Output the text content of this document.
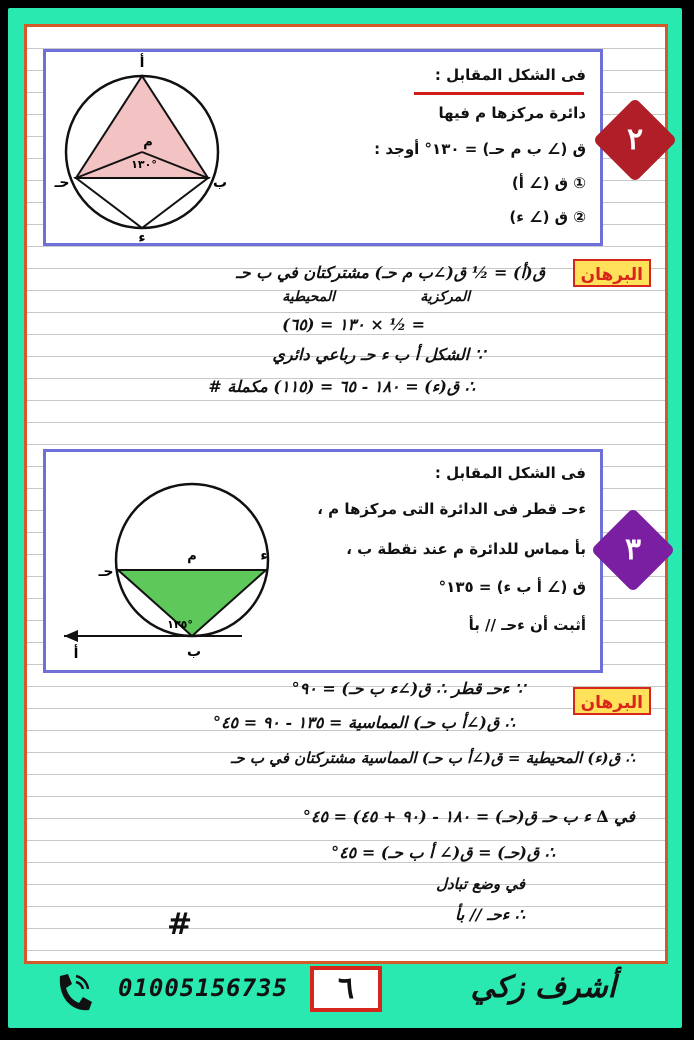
أ
حـ	ب
ء
م
١٣٠°
فى الشكل المقابل :
دائرة مركزها م فيها
ق (∠ ب م حـ) = ١٣٠° أوجد :
① ق (∠ أ)
② ق (∠ ء)
البرهان
ق(أ) = ½ ق(∠ب م حـ) مشتركتان في ب حـ
المحيطية	المركزية
= ½ × ١٣٠ = (٦٥)
∵ الشكل أ ب ء حـ رباعي دائري
∴ ق(ء) = ١٨٠ - ٦٥ = (١١٥) مكملة #
حـ
ء
م
ب
أ
١٣٥°
فى الشكل المقابل :
ءحـ قطر فى الدائرة التى مركزها م ،
بأ مماس للدائرة م عند نقطة ب ،
ق (∠ أ ب ء) = ١٣٥°
أثبت أن ءحـ // بأ
البرهان
∵ ءحـ قطر ∴ ق(∠ء ب حـ) = ٩٠°
∴ ق(∠أ ب حـ) المماسية = ١٣٥ - ٩٠ = ٤٥°
∴ ق(ء) المحيطية = ق(∠أ ب حـ) المماسية مشتركتان في ب حـ
في ∆ ء ب حـ ق(حـ) = ١٨٠ - (٩٠ + ٤٥) = ٤٥°
∴ ق(حـ) = ق(∠ أ ب حـ) = ٤٥°
في وضع تبادل
∴ ءحـ // بأ
#
٢
٣
01005156735	٦	أشرف زكي
